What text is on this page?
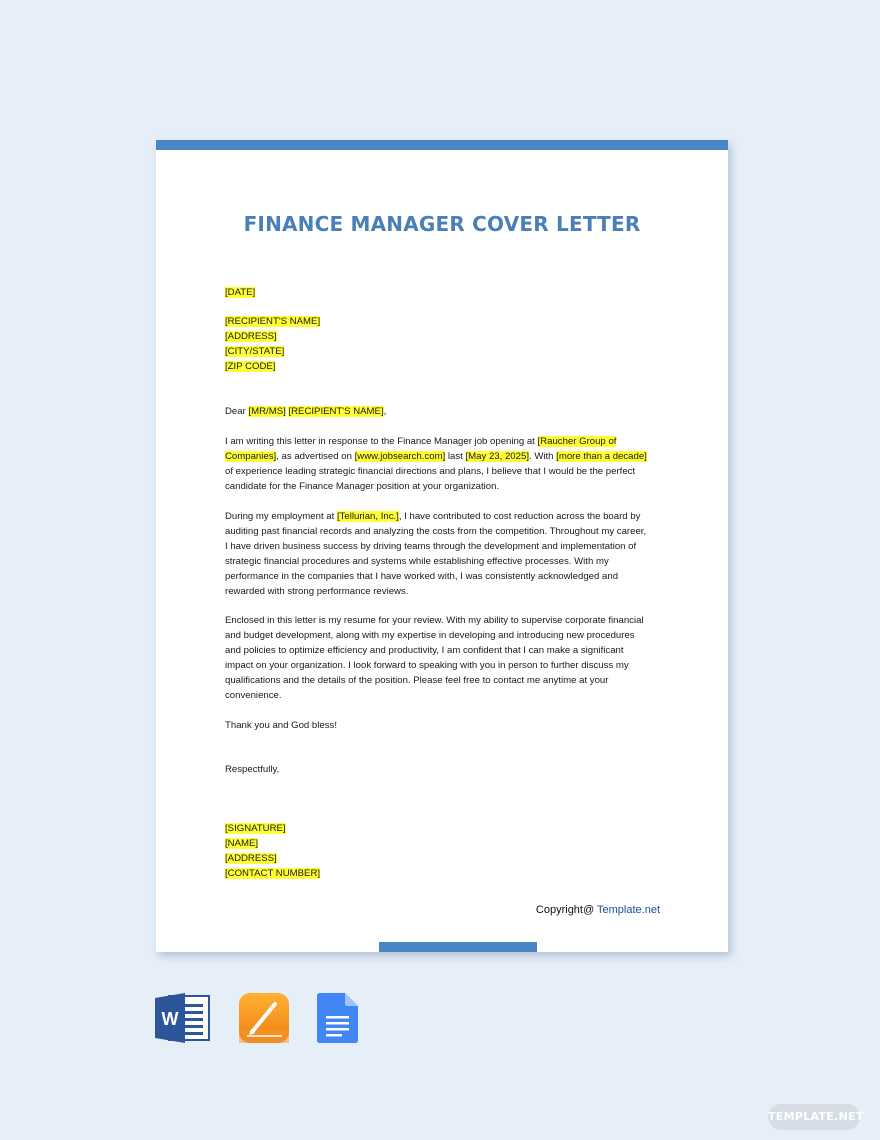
FINANCE MANAGER COVER LETTER
[DATE]
[RECIPIENT'S NAME]
[ADDRESS]
[CITY/STATE]
[ZIP CODE]
Dear [MR/MS] [RECIPIENT'S NAME],
I am writing this letter in response to the Finance Manager job opening at [Raucher Group of
Companies], as advertised on [www.jobsearch.com] last [May 23, 2025]. With [more than a decade]
of experience leading strategic financial directions and plans, I believe that I would be the perfect
candidate for the Finance Manager position at your organization.
During my employment at [Tellurian, Inc.], I have contributed to cost reduction across the board by
auditing past financial records and analyzing the costs from the competition. Throughout my career,
I have driven business success by driving teams through the development and implementation of
strategic financial procedures and systems while establishing effective processes. With my
performance in the companies that I have worked with, I was consistently acknowledged and
rewarded with strong performance reviews.
Enclosed in this letter is my resume for your review. With my ability to supervise corporate financial
and budget development, along with my expertise in developing and introducing new procedures
and policies to optimize efficiency and productivity, I am confident that I can make a significant
impact on your organization. I look forward to speaking with you in person to further discuss my
qualifications and the details of the position. Please feel free to contact me anytime at your
convenience.
Thank you and God bless!
Respectfully,
[SIGNATURE]
[NAME]
[ADDRESS]
[CONTACT NUMBER]
Copyright@ Template.net
W
TEMPLATE.NET
